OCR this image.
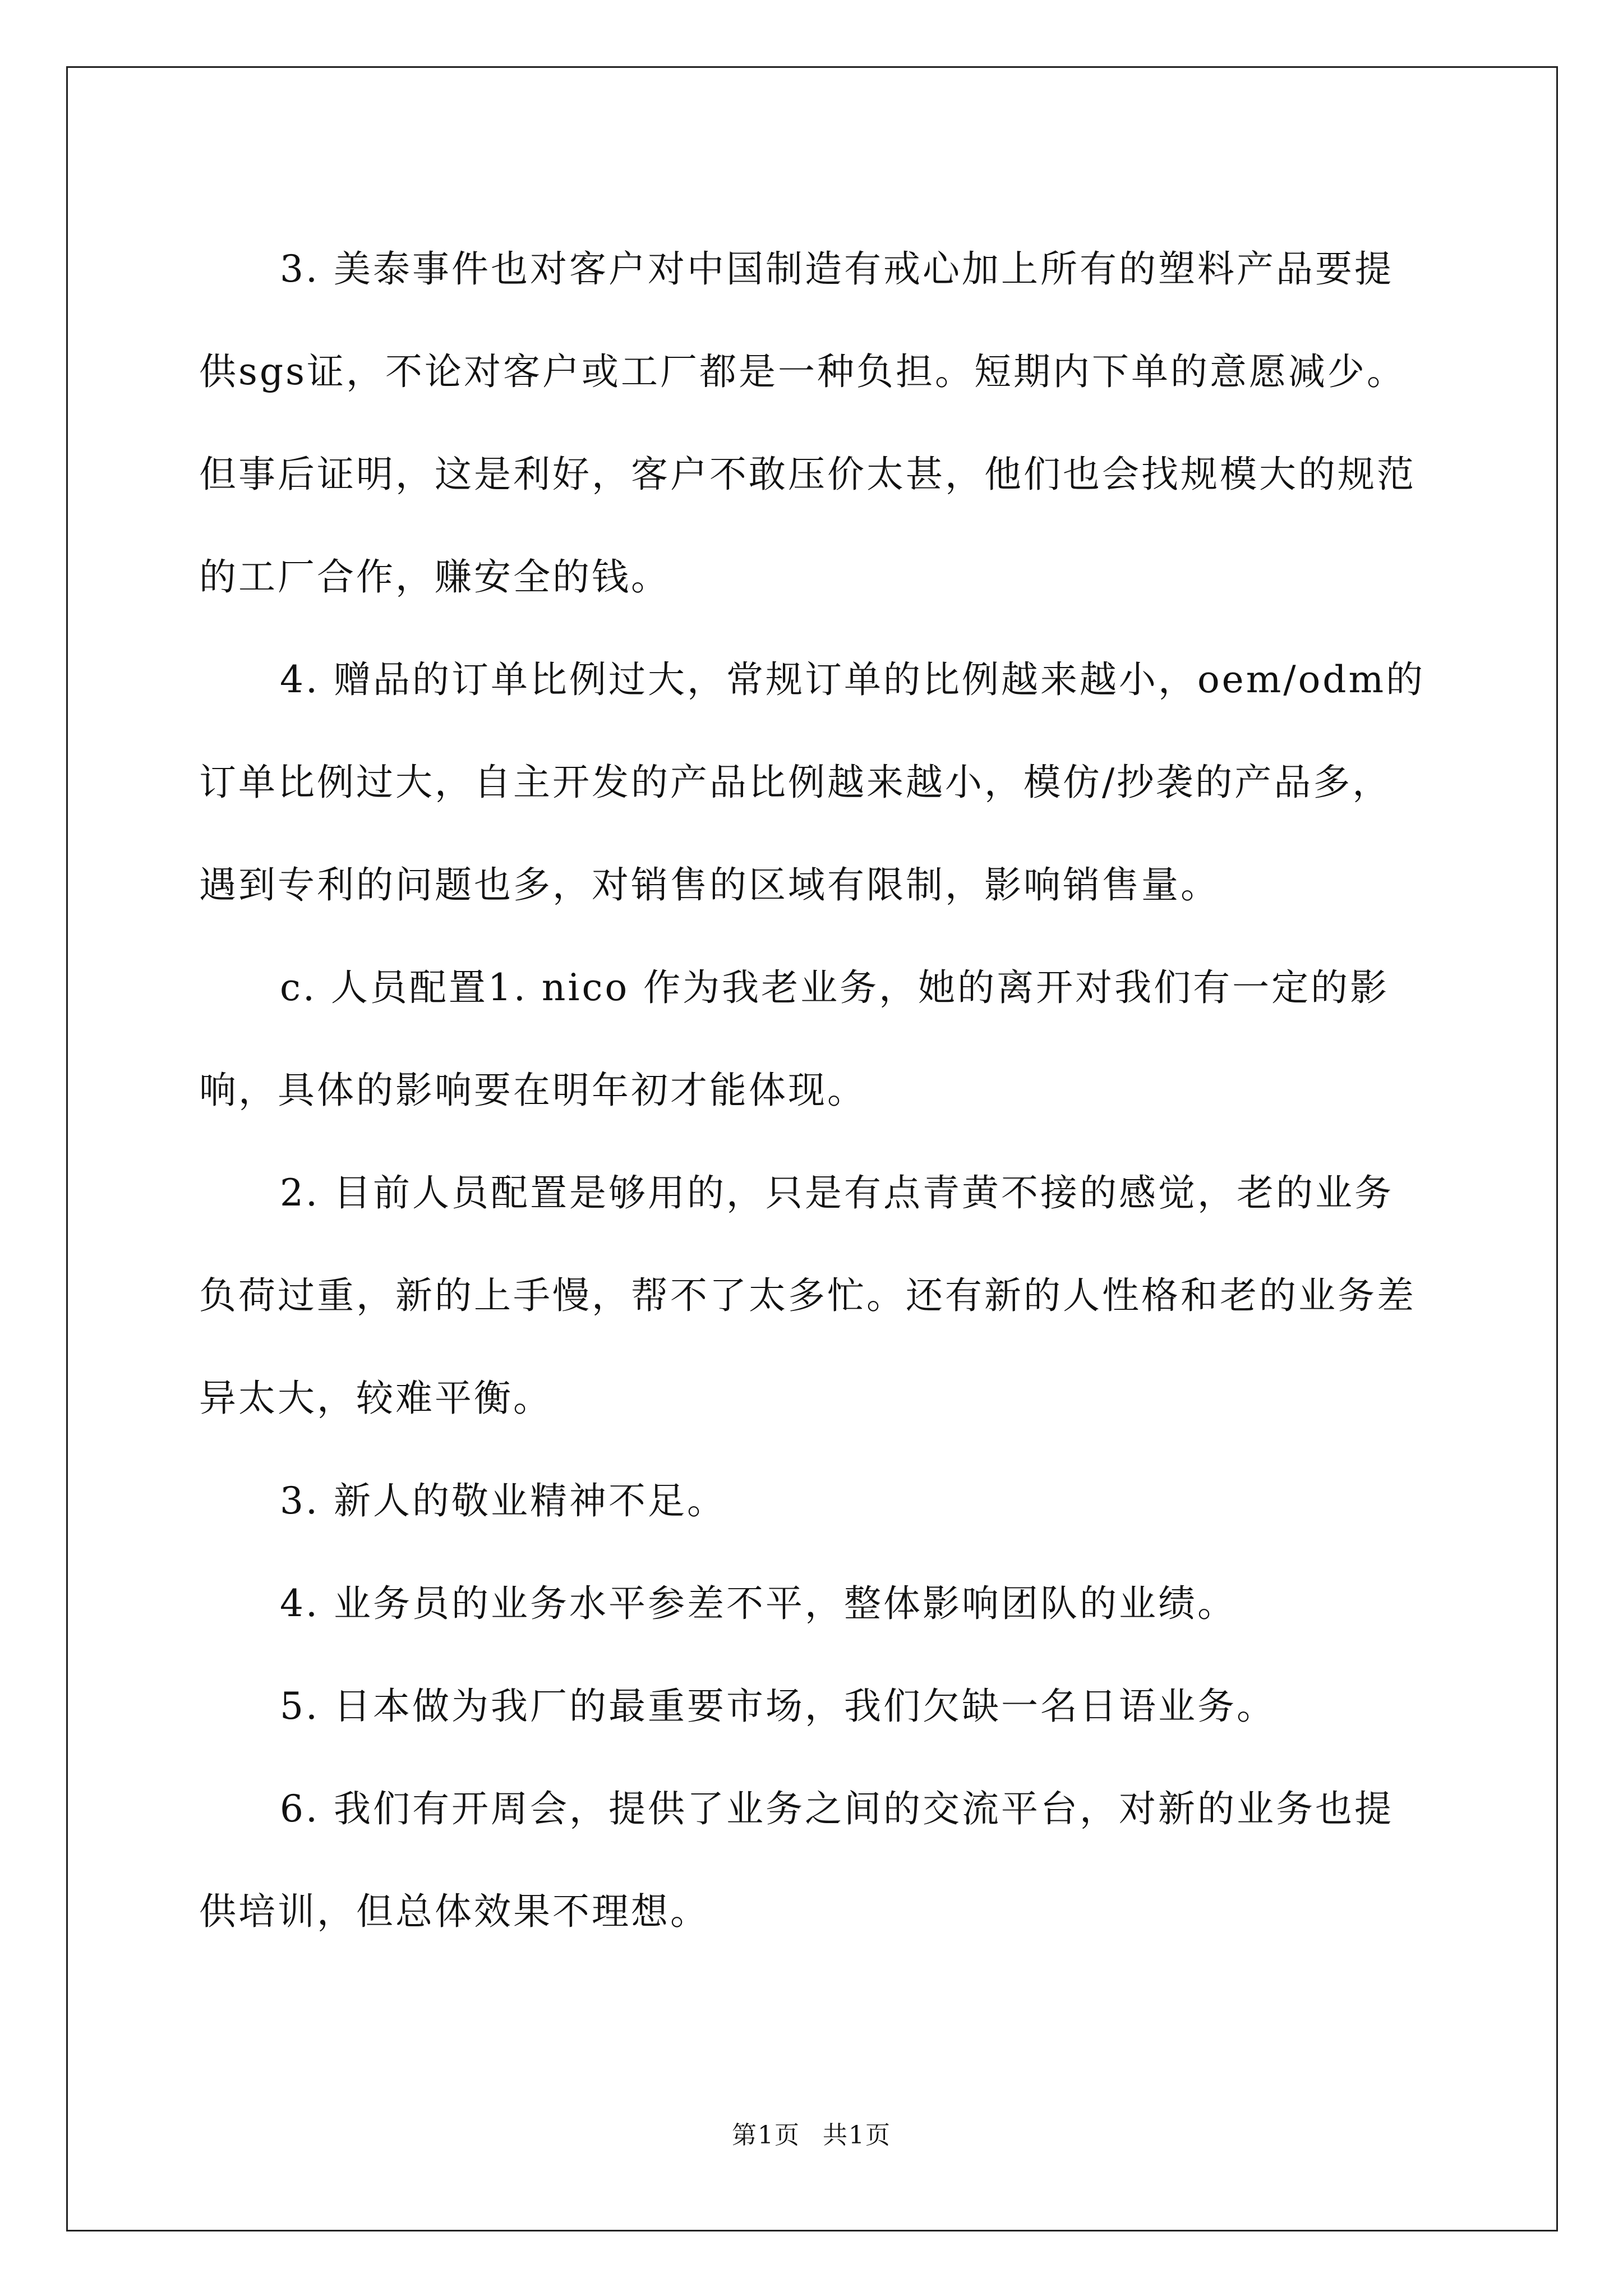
3. 美泰事件也对客户对中国制造有戒心加上所有的塑料产品要提供sgs证，不论对客户或工厂都是一种负担。短期内下单的意愿减少。但事后证明，这是利好，客户不敢压价太甚，他们也会找规模大的规范的工厂合作，赚安全的钱。

4. 赠品的订单比例过大，常规订单的比例越来越小，oem/odm的订单比例过大，自主开发的产品比例越来越小，模仿/抄袭的产品多，遇到专利的问题也多，对销售的区域有限制，影响销售量。

c. 人员配置1. nico 作为我老业务，她的离开对我们有一定的影响，具体的影响要在明年初才能体现。

2. 目前人员配置是够用的，只是有点青黄不接的感觉，老的业务负荷过重，新的上手慢，帮不了太多忙。还有新的人性格和老的业务差异太大，较难平衡。

3. 新人的敬业精神不足。

4. 业务员的业务水平参差不平，整体影响团队的业绩。

5. 日本做为我厂的最重要市场，我们欠缺一名日语业务。

6. 我们有开周会，提供了业务之间的交流平台，对新的业务也提供培训，但总体效果不理想。

第1页 共1页
